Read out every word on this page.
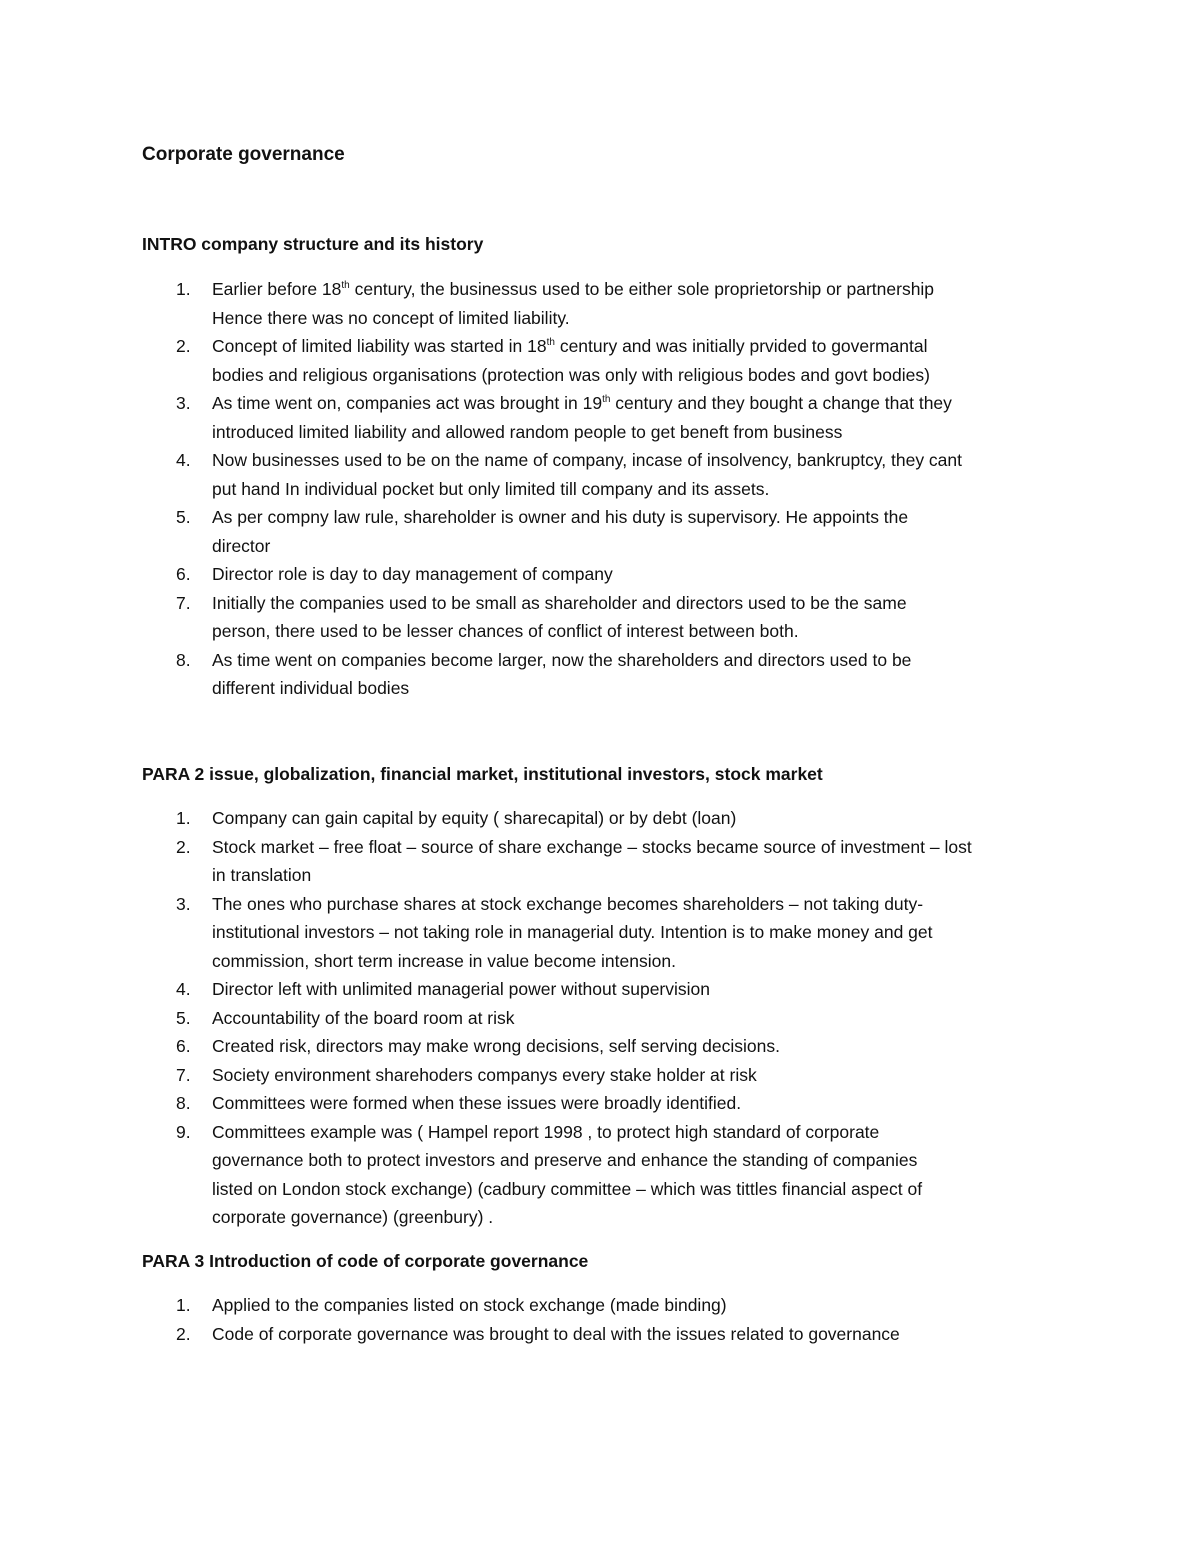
Corporate governance
INTRO company structure and its history
1. Earlier before 18th century, the businessus used to be either sole proprietorship or partnership
Hence there was no concept of limited liability.
2. Concept of limited liability was started in 18th century and was initially prvided to govermantal
bodies and religious organisations (protection was only with religious bodes and govt bodies)
3. As time went on, companies act was brought in 19th century and they bought a change that they
introduced limited liability and allowed random people to get beneft from business
4. Now businesses used to be on the name of company, incase of insolvency, bankruptcy, they cant
put hand In individual pocket but only limited till company and its assets.
5. As per compny law rule, shareholder is owner and his duty is supervisory. He appoints the
director
6. Director role is day to day management of company
7. Initially the companies used to be small as shareholder and directors used to be the same
person, there used to be lesser chances of conflict of interest between both.
8. As time went on companies become larger, now the shareholders and directors used to be
different individual bodies
PARA 2 issue, globalization, financial market, institutional investors, stock market
1. Company can gain capital by equity ( sharecapital) or by debt (loan)
2. Stock market – free float – source of share exchange – stocks became source of investment – lost
in translation
3. The ones who purchase shares at stock exchange becomes shareholders – not taking duty-
institutional investors – not taking role in managerial duty. Intention is to make money and get
commission, short term increase in value become intension.
4. Director left with unlimited managerial power without supervision
5. Accountability of the board room at risk
6. Created risk, directors may make wrong decisions, self serving decisions.
7. Society environment sharehoders companys every stake holder at risk
8. Committees were formed when these issues were broadly identified.
9. Committees example was ( Hampel report 1998 , to protect high standard of corporate
governance both to protect investors and preserve and enhance the standing of companies
listed on London stock exchange) (cadbury committee – which was tittles financial aspect of
corporate governance) (greenbury) .
PARA 3 Introduction of code of corporate governance
1. Applied to the companies listed on stock exchange (made binding)
2. Code of corporate governance was brought to deal with the issues related to governance
